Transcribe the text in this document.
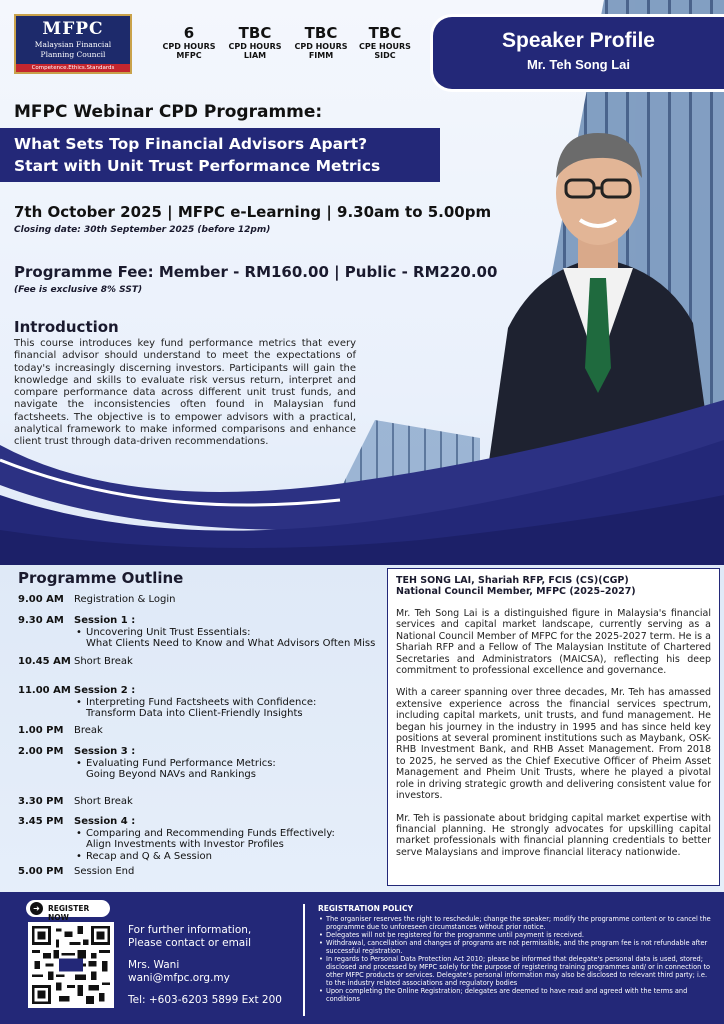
MFPC
Malaysian Financial
Planning Council
Competence.Ethics.Standards
6
CPD HOURS
MFPC
TBC
CPD HOURS
LIAM
TBC
CPD HOURS
FIMM
TBC
CPE HOURS
SIDC
Speaker Profile
Mr. Teh Song Lai
MFPC Webinar CPD Programme:
What Sets Top Financial Advisors Apart?
Start with Unit Trust Performance Metrics
7th October 2025 | MFPC e-Learning | 9.30am to 5.00pm
Closing date: 30th September 2025 (before 12pm)
Programme Fee: Member - RM160.00 | Public - RM220.00
(Fee is exclusive 8% SST)
Introduction
This course introduces key fund performance metrics that every financial advisor should understand to meet the expectations of today's increasingly discerning investors. Participants will gain the knowledge and skills to evaluate risk versus return, interpret and compare performance data across different unit trust funds, and navigate the inconsistencies often found in Malaysian fund factsheets. The objective is to empower advisors with a practical, analytical framework to make informed comparisons and enhance client trust through data-driven recommendations.
Programme Outline
9.00 AM	Registration & Login
9.30 AM	Session 1 :
• Uncovering Unit Trust Essentials:
What Clients Need to Know and What Advisors Often Miss
10.45 AM Short Break
11.00 AM Session 2 :
• Interpreting Fund Factsheets with Confidence:
Transform Data into Client-Friendly Insights
1.00 PM	Break
2.00 PM	Session 3 :
• Evaluating Fund Performance Metrics:
Going Beyond NAVs and Rankings
3.30 PM	Short Break
3.45 PM	Session 4 :
• Comparing and Recommending Funds Effectively:
Align Investments with Investor Profiles
• Recap and Q & A Session
5.00 PM	Session End
TEH SONG LAI, Shariah RFP, FCIS (CS)(CGP)
National Council Member, MFPC (2025–2027)

Mr. Teh Song Lai is a distinguished figure in Malaysia's financial services and capital market landscape, currently serving as a National Council Member of MFPC for the 2025-2027 term. He is a Shariah RFP and a Fellow of The Malaysian Institute of Chartered Secretaries and Administrators (MAICSA), reflecting his deep commitment to professional excellence and governance.

With a career spanning over three decades, Mr. Teh has amassed extensive experience across the financial services spectrum, including capital markets, unit trusts, and fund management. He began his journey in the industry in 1995 and has since held key positions at several prominent institutions such as Maybank, OSK-RHB Investment Bank, and RHB Asset Management. From 2018 to 2025, he served as the Chief Executive Officer of Pheim Asset Management and Pheim Unit Trusts, where he played a pivotal role in driving strategic growth and delivering consistent value for investors.

Mr. Teh is passionate about bridging capital market expertise with financial planning. He strongly advocates for upskilling capital market professionals with financial planning credentials to better serve Malaysians and improve financial literacy nationwide.

➜	REGISTER NOW
For further information,
Please contact or email
Mrs. Wani
wani@mfpc.org.my
Tel: +603-6203 5899 Ext 200
REGISTRATION POLICY
• The organiser reserves the right to reschedule; change the speaker; modify the programme content or to cancel the programme due to unforeseen circumstances without prior notice.
• Delegates will not be registered for the programme until payment is received.
• Withdrawal, cancellation and changes of programs are not permissible, and the program fee is not refundable after successful registration.
• In regards to Personal Data Protection Act 2010; please be informed that delegate's personal data is used, stored; disclosed and processed by MFPC solely for the purpose of registering training programmes and/ or in connection to other MFPC products or services. Delegate's personal information may also be disclosed to relevant third party; i.e. to the industry related associations and regulatory bodies
• Upon completing the Online Registration; delegates are deemed to have read and agreed with the terms and conditions
